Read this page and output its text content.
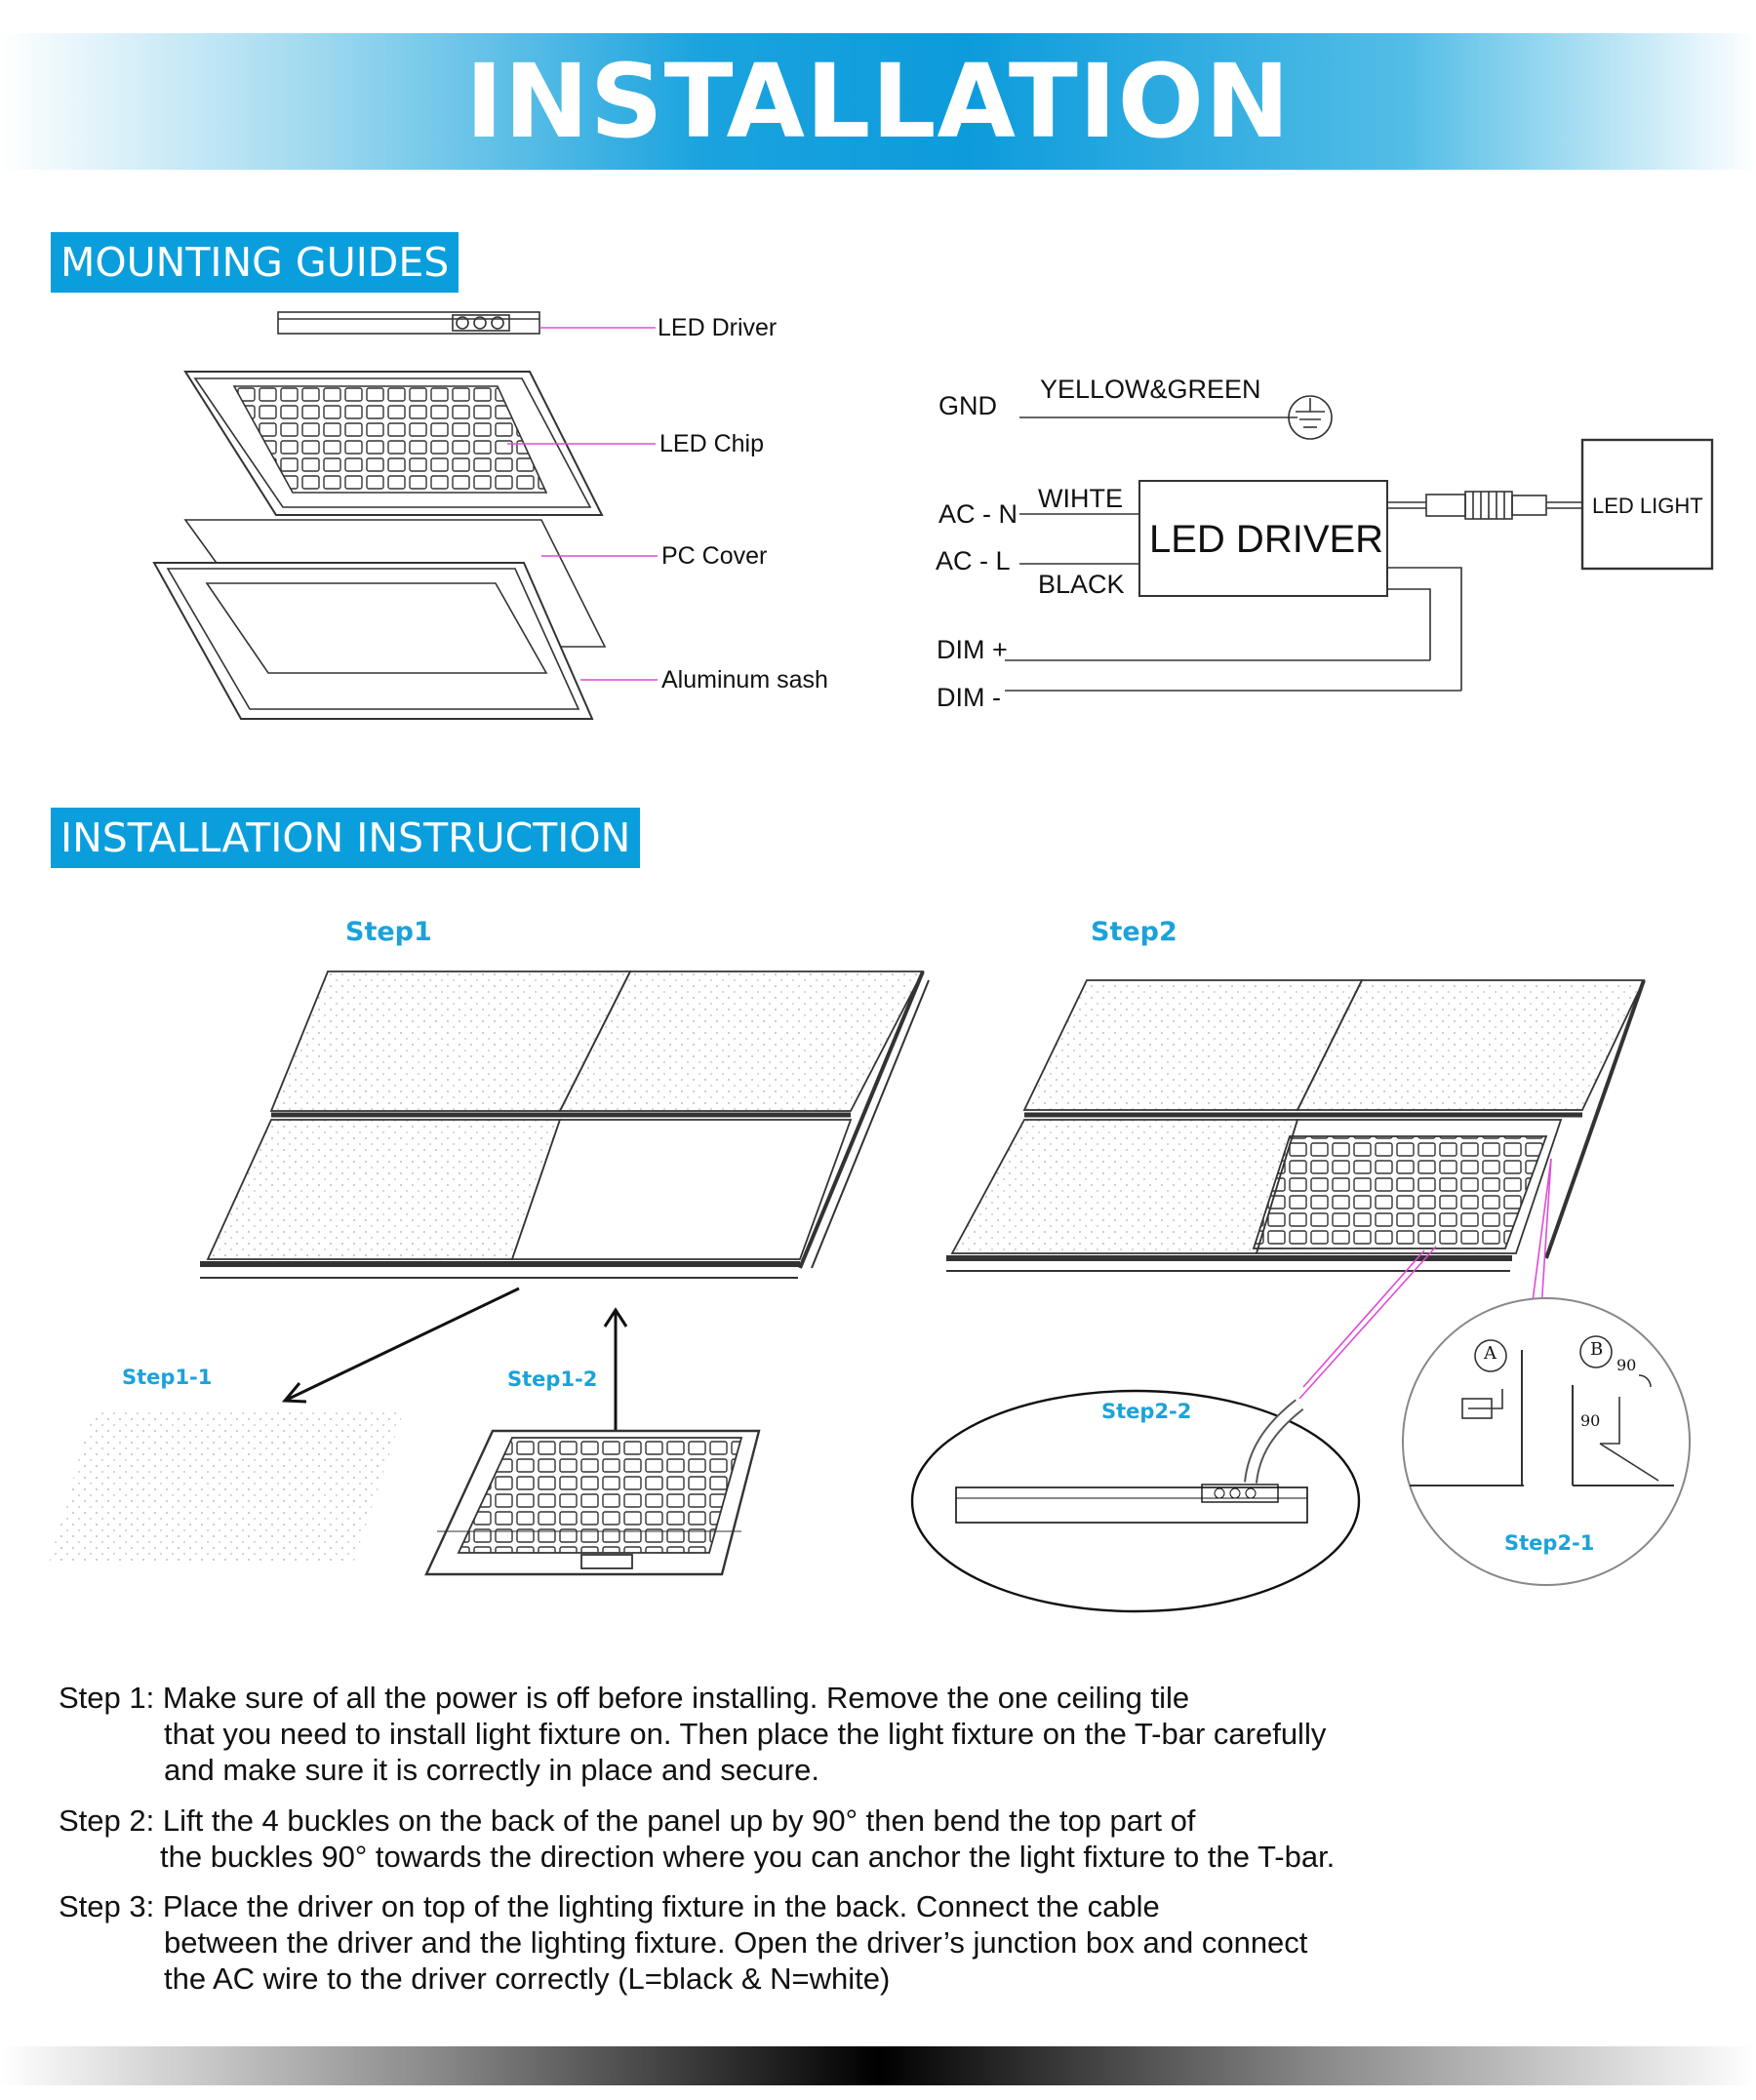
INSTALLATION
MOUNTING GUIDES
INSTALLATION INSTRUCTION
LED Driver
LED Chip
PC Cover
Aluminum sash
GND
YELLOW&GREEN
AC - N
WIHTE
AC - L
BLACK
LED DRIVER
LED LIGHT
DIM +
DIM -
Step1	Step2
Step1-1	Step1-2
Step2-2
Step2-1
A	B
90
90
Step 1: Make sure of all the power is off before installing. Remove the one ceiling tile
that you need to install light fixture on. Then place the light fixture on the T-bar carefully
and make sure it is correctly in place and secure.
Step 2: Lift the 4 buckles on the back of the panel up by 90° then bend the top part of
the buckles 90° towards the direction where you can anchor the light fixture to the T-bar.
Step 3: Place the driver on top of the lighting fixture in the back. Connect the cable
between the driver and the lighting fixture. Open the driver’s junction box and connect
the AC wire to the driver correctly (L=black & N=white)
